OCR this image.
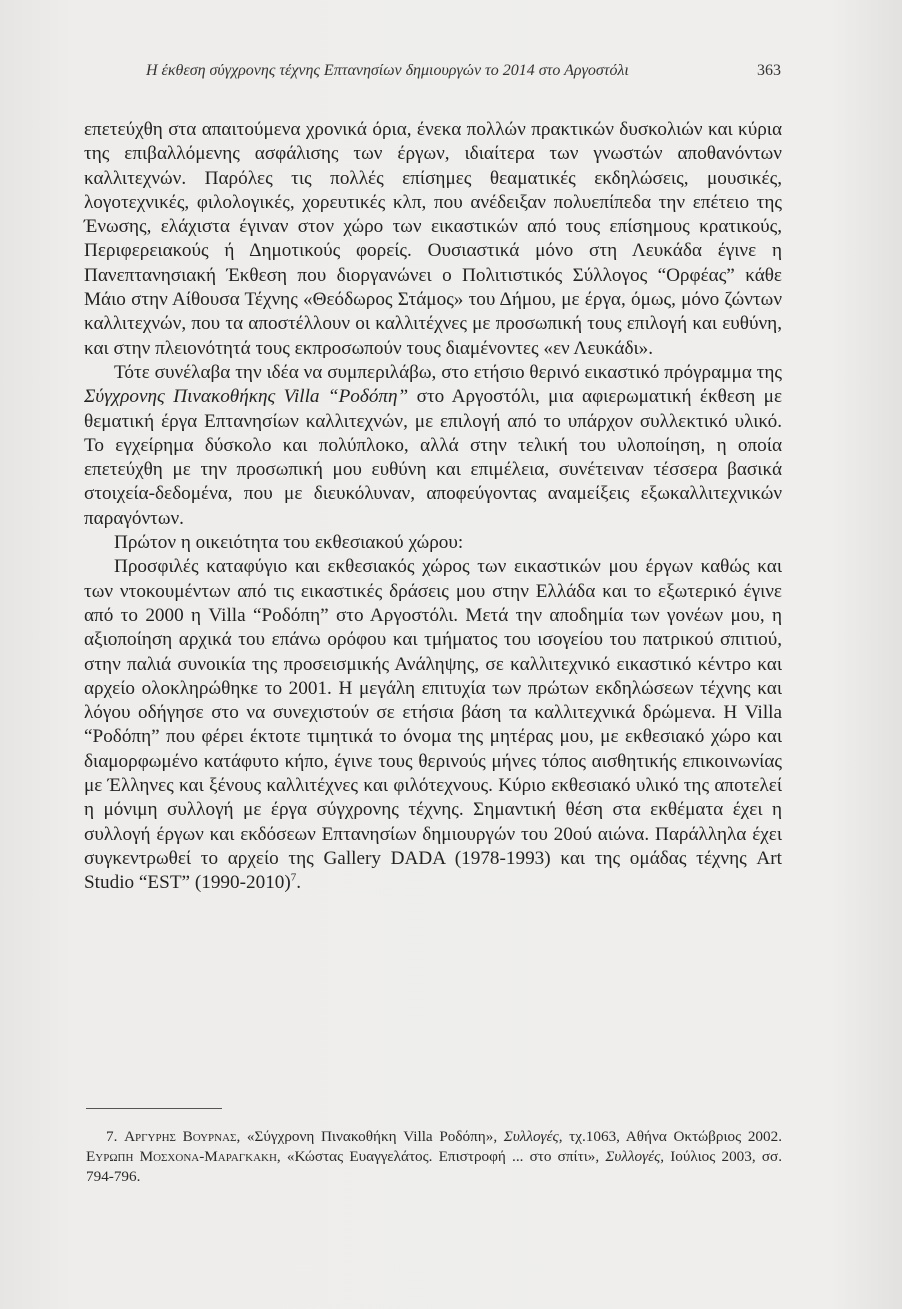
Η έκθεση σύγχρονης τέχνης Επτανησίων δημιουργών το 2014 στο Αργοστόλι	363

επετεύχθη στα απαιτούμενα χρονικά όρια, ένεκα πολλών πρακτικών δυσκολιών και κύρια της επιβαλλόμενης ασφάλισης των έργων, ιδιαίτερα των γνωστών αποθανόντων καλλιτεχνών. Παρόλες τις πολλές επίσημες θεαματικές εκδηλώσεις, μουσικές, λογοτεχνικές, φιλολογικές, χορευτικές κλπ, που ανέδειξαν πολυεπίπεδα την επέτειο της Ένωσης, ελάχιστα έγιναν στον χώρο των εικαστικών από τους επίσημους κρατικούς, Περιφερειακούς ή Δημοτικούς φορείς. Ουσιαστικά μόνο στη Λευκάδα έγινε η Πανεπτανησιακή Έκθεση που διοργανώνει ο Πολιτιστικός Σύλλογος “Ορφέας” κάθε Μάιο στην Αίθουσα Τέχνης «Θεόδωρος Στάμος» του Δήμου, με έργα, όμως, μόνο ζώντων καλλιτεχνών, που τα αποστέλλουν οι καλλιτέχνες με προσωπική τους επιλογή και ευθύνη, και στην πλειονότητά τους εκπροσωπούν τους διαμένοντες «εν Λευκάδι».

Τότε συνέλαβα την ιδέα να συμπεριλάβω, στο ετήσιο θερινό εικαστικό πρόγραμμα της Σύγχρονης Πινακοθήκης Villa “Ροδόπη” στο Αργοστόλι, μια αφιερωματική έκθεση με θεματική έργα Επτανησίων καλλιτεχνών, με επιλογή από το υπάρχον συλλεκτικό υλικό. Το εγχείρημα δύσκολο και πολύπλοκο, αλλά στην τελική του υλοποίηση, η οποία επετεύχθη με την προσωπική μου ευθύνη και επιμέλεια, συνέτειναν τέσσερα βασικά στοιχεία-δεδομένα, που με διευκόλυναν, αποφεύγοντας αναμείξεις εξωκαλλιτεχνικών παραγόντων.

Πρώτον η οικειότητα του εκθεσιακού χώρου:

Προσφιλές καταφύγιο και εκθεσιακός χώρος των εικαστικών μου έργων καθώς και των ντοκουμέντων από τις εικαστικές δράσεις μου στην Ελλάδα και το εξωτερικό έγινε από το 2000 η Villa “Ροδόπη” στο Αργοστόλι. Μετά την αποδημία των γονέων μου, η αξιοποίηση αρχικά του επάνω ορόφου και τμήματος του ισογείου του πατρικού σπιτιού, στην παλιά συνοικία της προσεισμικής Ανάληψης, σε καλλιτεχνικό εικαστικό κέντρο και αρχείο ολοκληρώθηκε το 2001. Η μεγάλη επιτυχία των πρώτων εκδηλώσεων τέχνης και λόγου οδήγησε στο να συνεχιστούν σε ετήσια βάση τα καλλιτεχνικά δρώμενα. Η Villa “Ροδόπη” που φέρει έκτοτε τιμητικά το όνομα της μητέρας μου, με εκθεσιακό χώρο και διαμορφωμένο κατάφυτο κήπο, έγινε τους θερινούς μήνες τόπος αισθητικής επικοινωνίας με Έλληνες και ξένους καλλιτέχνες και φιλότεχνους. Κύριο εκθεσιακό υλικό της αποτελεί η μόνιμη συλλογή με έργα σύγχρονης τέχνης. Σημαντική θέση στα εκθέματα έχει η συλλογή έργων και εκδόσεων Επτανησίων δημιουργών του 20ού αιώνα. Παράλληλα έχει συγκεντρωθεί το αρχείο της Gallery DADA (1978-1993) και της ομάδας τέχνης Art Studio “EST” (1990-2010)$^7$.

7. Αργυρης Βουρνας, «Σύγχρονη Πινακοθήκη Villa Ροδόπη», Συλλογές, τχ.1063, Αθήνα Οκτώβριος 2002. Ευρωπη Μοσχονα-Μαραγκακη, «Κώστας Ευαγγελάτος. Επιστροφή ... στο σπίτι», Συλλογές, Ιούλιος 2003, σσ. 794-796.
